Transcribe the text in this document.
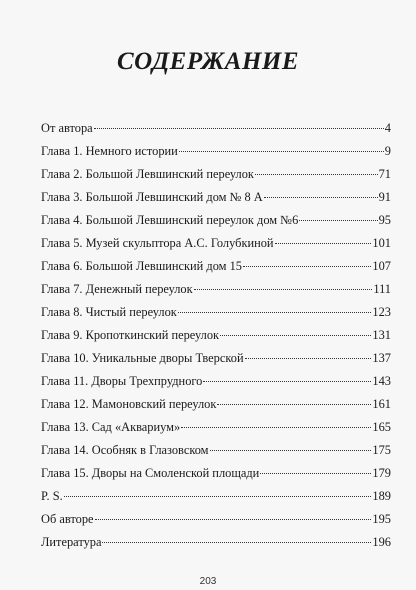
СОДЕРЖАНИЕ
От автора	4
Глава 1. Немного истории	9
Глава 2. Большой Левшинский переулок	71
Глава 3. Большой Левшинский дом № 8 А	91
Глава 4. Большой Левшинский переулок дом №6	95
Глава 5. Музей скульптора А.С. Голубкиной	101
Глава 6. Большой Левшинский дом 15	107
Глава 7. Денежный переулок	111
Глава 8. Чистый переулок	123
Глава 9. Кропоткинский переулок	131
Глава 10. Уникальные дворы Тверской	137
Глава 11. Дворы Трехпрудного	143
Глава 12. Мамоновский переулок	161
Глава 13. Сад «Аквариум»	165
Глава 14. Особняк в Глазовском	175
Глава 15. Дворы на Смоленской площади	179
P. S.	189
Об авторе	195
Литература	196
203
